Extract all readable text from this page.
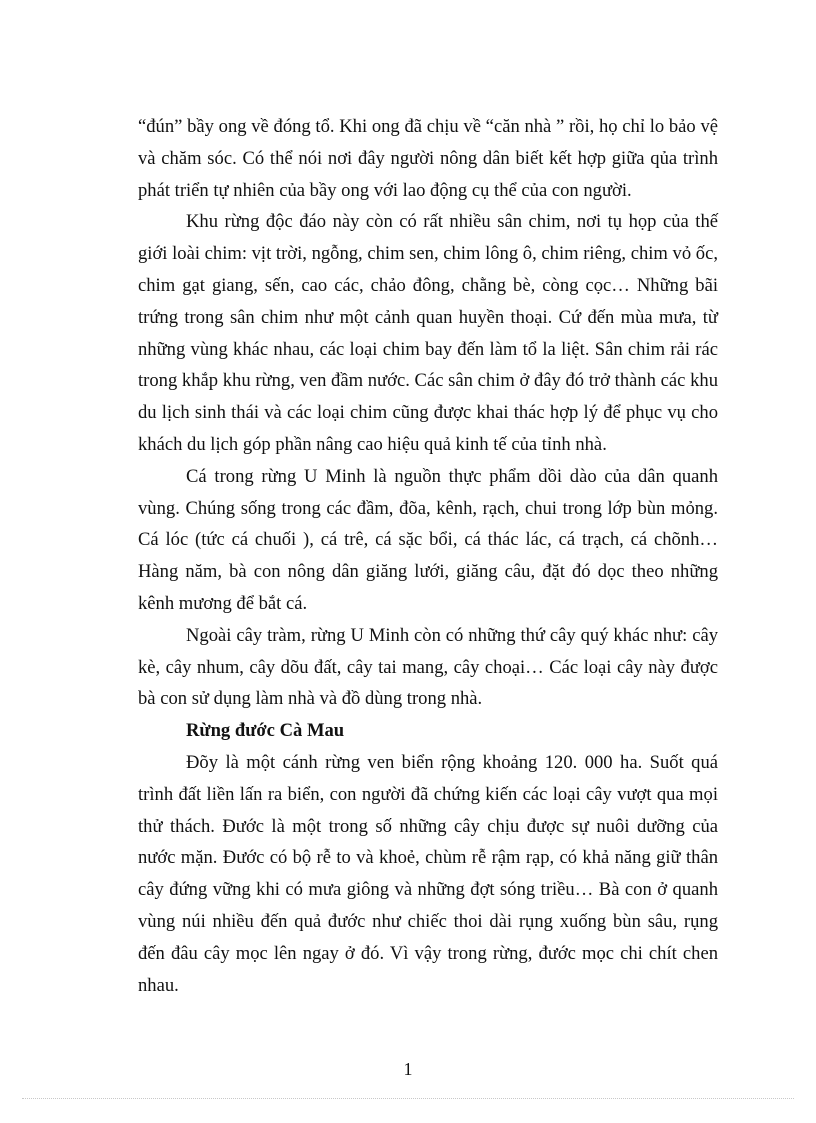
“đún” bầy ong về đóng tổ. Khi ong đã chịu về “căn nhà ” rồi, họ chỉ lo bảo vệ và chăm sóc. Có thể nói nơi đây người nông dân biết kết hợp giữa qủa trình phát triển tự nhiên của bầy ong với lao động cụ thể của con người.

Khu rừng độc đáo này còn có rất nhiều sân chim, nơi tụ họp của thế giới loài chim: vịt trời, ngỗng, chim sen, chim lông ô, chim riêng, chim vỏ ốc, chim gạt giang, sến, cao các, chảo đông, chằng bè, còng cọc… Những bãi trứng trong sân chim như một cảnh quan huyền thoại. Cứ đến mùa mưa, từ những vùng khác nhau, các loại chim bay đến làm tổ la liệt. Sân chim rải rác trong khắp khu rừng, ven đầm nước. Các sân chim ở đây đó trở thành các khu du lịch sinh thái và các loại chim cũng được khai thác hợp lý để phục vụ cho khách du lịch góp phần nâng cao hiệu quả kinh tế của tỉnh nhà.

Cá trong rừng U Minh là nguồn thực phẩm dồi dào của dân quanh vùng. Chúng sống trong các đầm, đõa, kênh, rạch, chui trong lớp bùn mỏng. Cá lóc (tức cá chuối ), cá trê, cá sặc bổi, cá thác lác, cá trạch, cá chõnh… Hàng năm, bà con nông dân giăng lưới, giăng câu, đặt đó dọc theo những kênh mương để bắt cá.

Ngoài cây tràm, rừng U Minh còn có những thứ cây quý khác như: cây kè, cây nhum, cây dõu đất, cây tai mang, cây choại… Các loại cây này được bà con sử dụng làm nhà và đồ dùng trong nhà.

Rừng đước Cà Mau

Đõy là một cánh rừng ven biển rộng khoảng 120. 000 ha. Suốt quá trình đất liền lấn ra biển, con người đã chứng kiến các loại cây vượt qua mọi thử thách. Đước là một trong số những cây chịu được sự nuôi dưỡng của nước mặn. Đước có bộ rễ to và khoẻ, chùm rễ rậm rạp, có khả năng giữ thân cây đứng vững khi có mưa giông và những đợt sóng triều… Bà con ở quanh vùng núi nhiều đến quả đước như chiếc thoi dài rụng xuống bùn sâu, rụng đến đâu cây mọc lên ngay ở đó. Vì vậy trong rừng, đước mọc chi chít chen nhau.

1
